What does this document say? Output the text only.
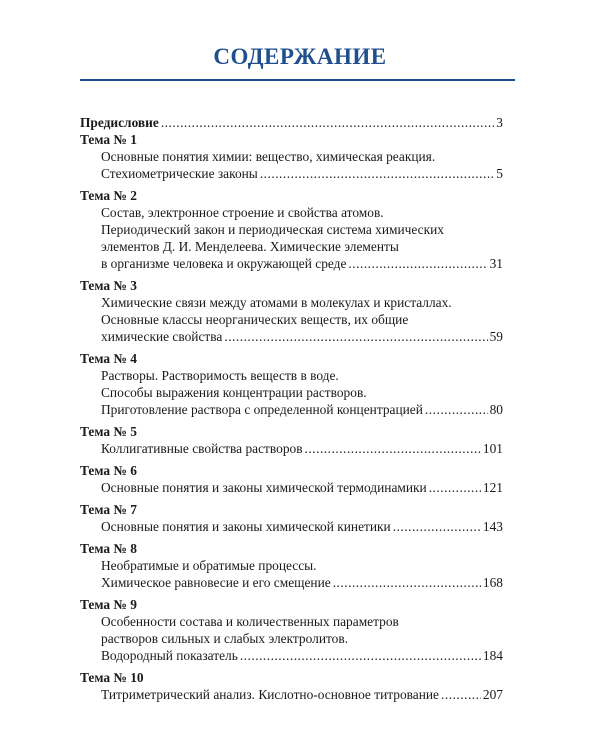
СОДЕРЖАНИЕ
Предисловие .....	3
Тема № 1
Основные понятия химии: вещество, химическая реакция.
Стехиометрические законы .....	5
Тема № 2
Состав, электронное строение и свойства атомов.
Периодический закон и периодическая система химических
элементов Д. И. Менделеева. Химические элементы
в организме человека и окружающей среде .....	31
Тема № 3
Химические связи между атомами в молекулах и кристаллах.
Основные классы неорганических веществ, их общие
химические свойства .....	59
Тема № 4
Растворы. Растворимость веществ в воде.
Способы выражения концентрации растворов.
Приготовление раствора с определенной концентрацией .....	80
Тема № 5
Коллигативные свойства растворов .....	101
Тема № 6
Основные понятия и законы химической термодинамики .....	121
Тема № 7
Основные понятия и законы химической кинетики .....	143
Тема № 8
Необратимые и обратимые процессы.
Химическое равновесие и его смещение .....	168
Тема № 9
Особенности состава и количественных параметров
растворов сильных и слабых электролитов.
Водородный показатель .....	184
Тема № 10
Титриметрический анализ. Кислотно-основное титрование .....	207
